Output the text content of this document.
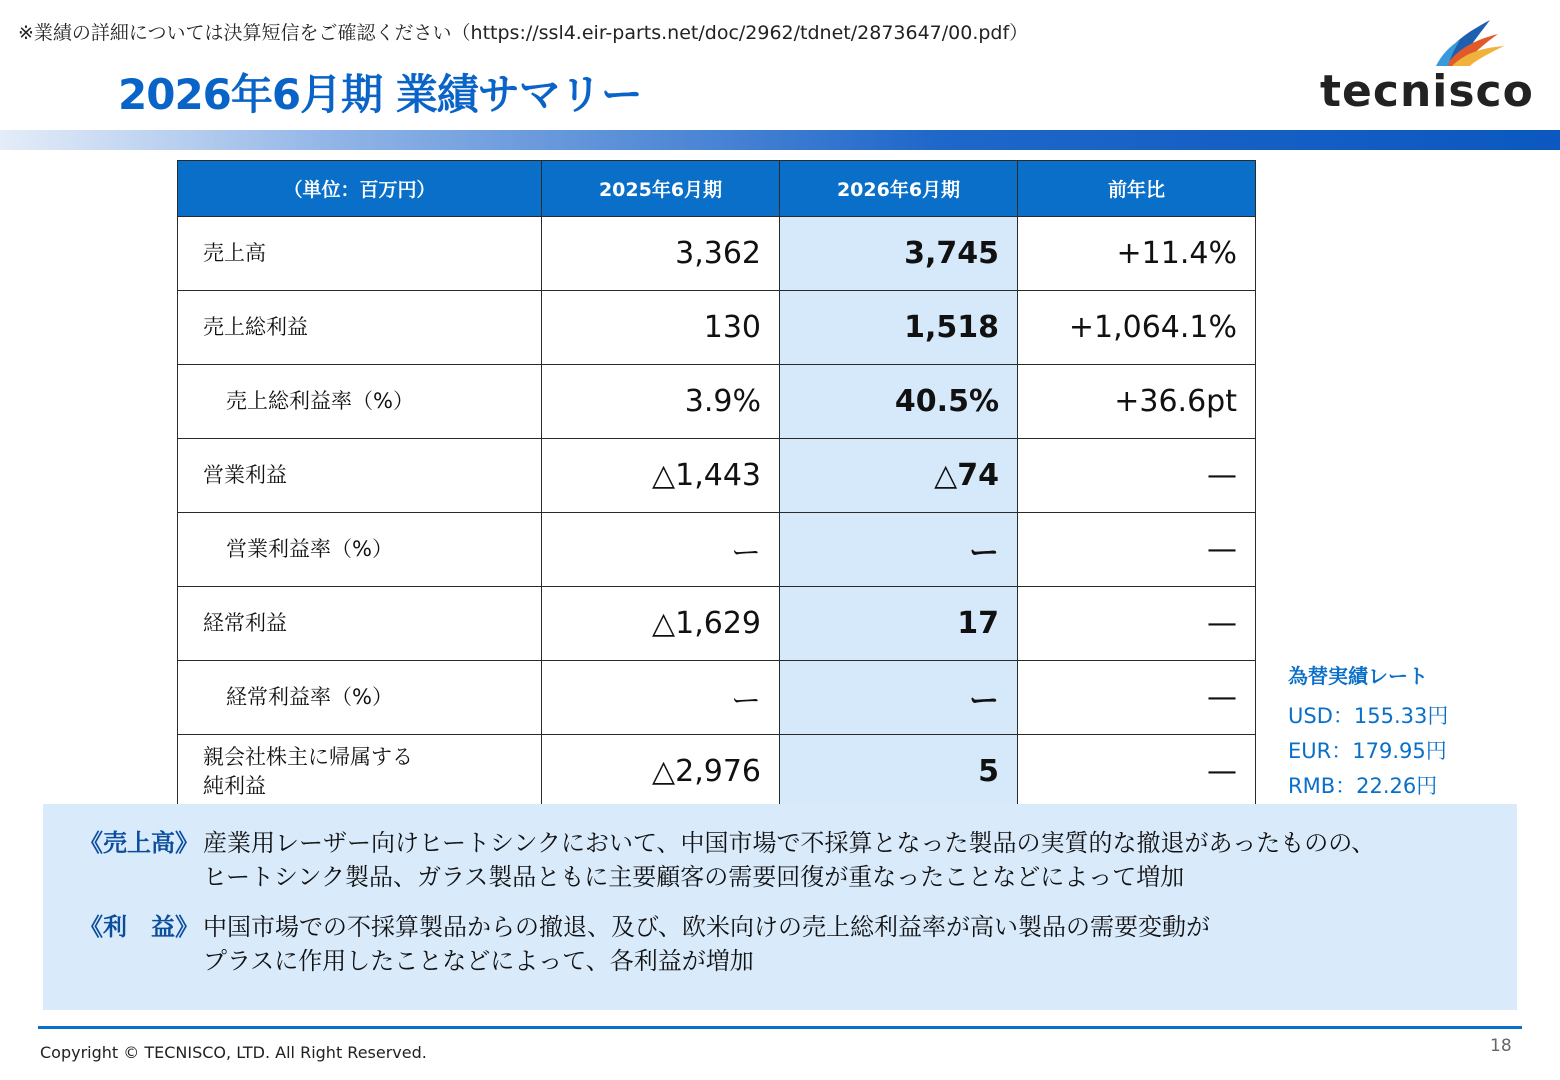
※業績の詳細については決算短信をご確認ください（https://ssl4.eir-parts.net/doc/2962/tdnet/2873647/00.pdf）
2026年6月期 業績サマリー	tecnisco
（単位：百万円）	2025年6月期	2026年6月期	前年比
売上高	3,362	3,745	+11.4%
売上総利益	130	1,518	+1,064.1%
売上総利益率（%）	3.9%	40.5%	+36.6pt
営業利益	△1,443	△74	—
営業利益率（%）	ー	ー	—
経常利益	△1,629	17	—
経常利益率（%）	ー	ー	—

親会社株主に帰属する
純利益	△2,976	5	—
為替実績レート
USD：155.33円
EUR：179.95円
RMB：22.26円
《売上高》 産業用レーザー向けヒートシンクにおいて、中国市場で不採算となった製品の実質的な撤退があったものの、
ヒートシンク製品、ガラス製品ともに主要顧客の需要回復が重なったことなどによって増加
《利　益》 中国市場での不採算製品からの撤退、及び、欧米向けの売上総利益率が高い製品の需要変動が
プラスに作用したことなどによって、各利益が増加
Copyright © TECNISCO, LTD. All Right Reserved.	18
